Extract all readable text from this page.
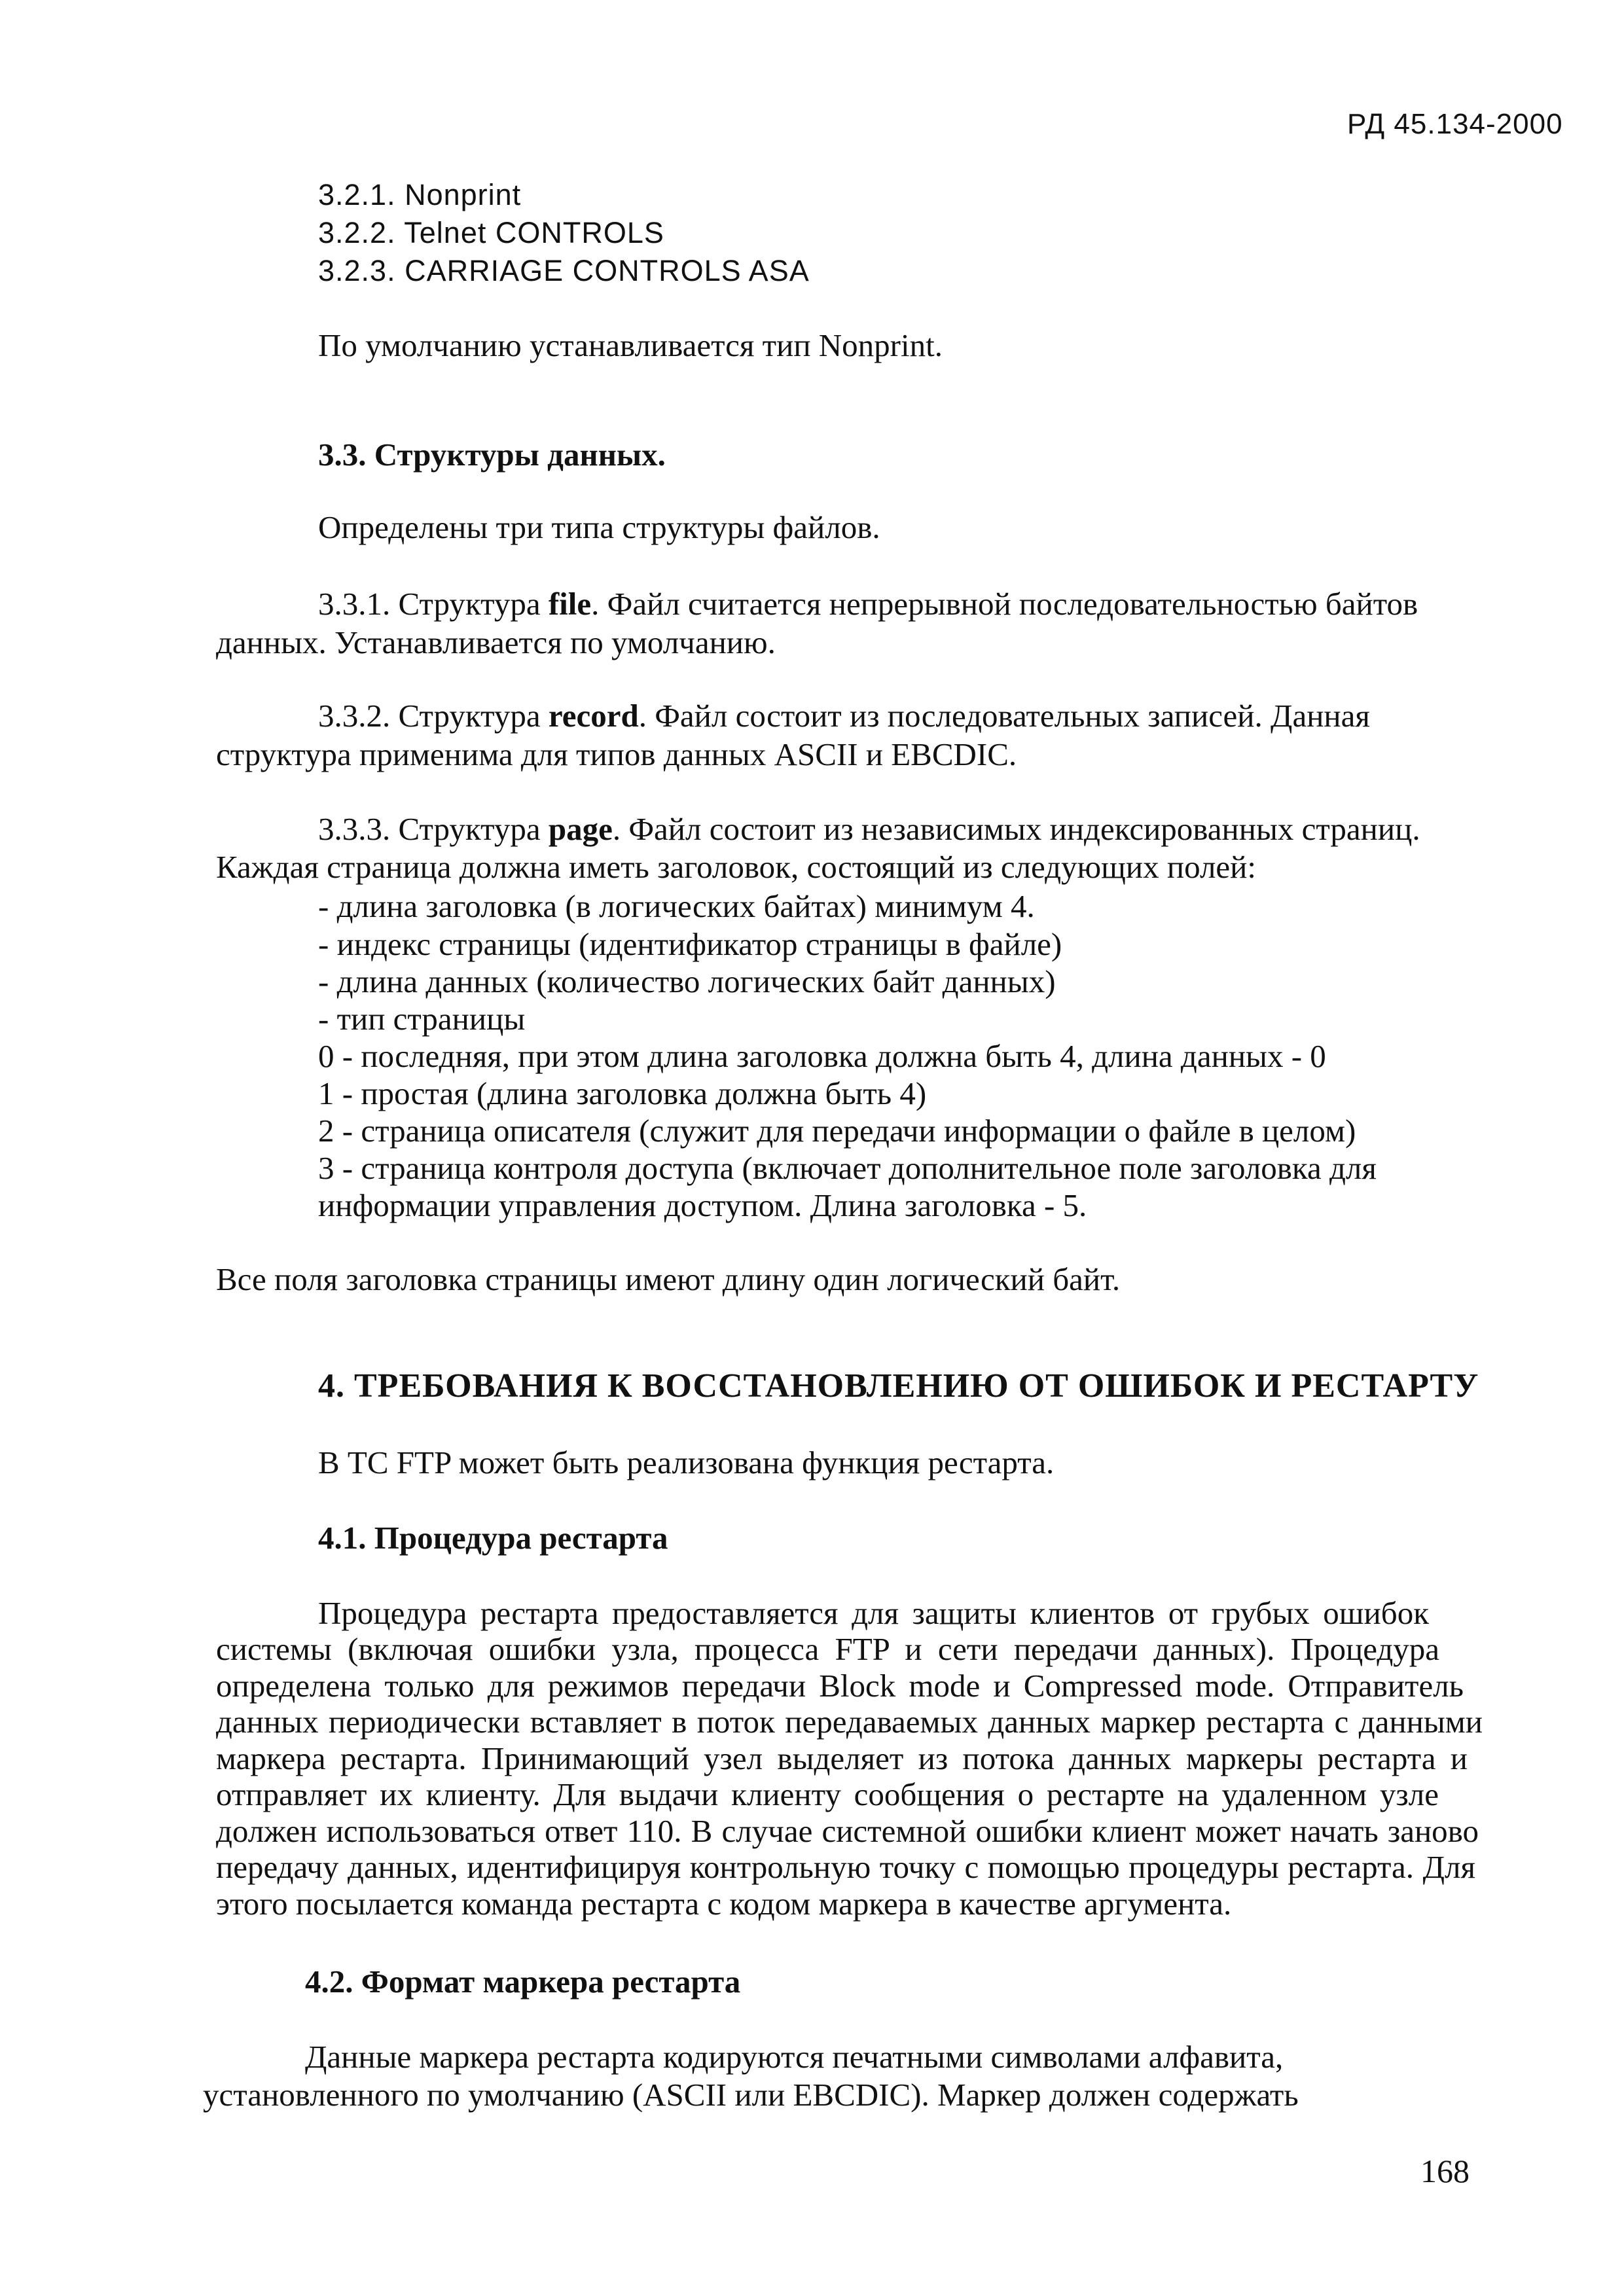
РД 45.134-2000
3.2.1. Nonprint
3.2.2. Telnet CONTROLS
3.2.3. CARRIAGE CONTROLS ASA
По умолчанию устанавливается тип Nonprint.
3.3. Структуры данных.
Определены три типа структуры файлов.
3.3.1. Структура file. Файл считается непрерывной последовательностью байтов
данных. Устанавливается по умолчанию.
3.3.2. Структура record. Файл состоит из последовательных записей. Данная
структура применима для типов данных ASCII и EBCDIC.
3.3.3. Структура page. Файл состоит из независимых индексированных страниц.
Каждая страница должна иметь заголовок, состоящий из следующих полей:
- длина заголовка (в логических байтах) минимум 4.
- индекс страницы (идентификатор страницы в файле)
- длина данных (количество логических байт данных)
- тип страницы
0 - последняя, при этом длина заголовка должна быть 4, длина данных - 0
1 - простая (длина заголовка должна быть 4)
2 - страница описателя (служит для передачи информации о файле в целом)
3 - страница контроля доступа (включает дополнительное поле заголовка для
информации управления доступом. Длина заголовка - 5.
Все поля заголовка страницы имеют длину один логический байт.
4. ТРЕБОВАНИЯ К ВОССТАНОВЛЕНИЮ ОТ ОШИБОК И РЕСТАРТУ
В ТС FTP может быть реализована функция рестарта.
4.1. Процедура рестарта
Процедура рестарта предоставляется для защиты клиентов от грубых ошибок
системы (включая ошибки узла, процесса FTP и сети передачи данных). Процедура
определена только для режимов передачи Block mode и Compressed mode. Отправитель
данных периодически вставляет в поток передаваемых данных маркер рестарта с данными
маркера рестарта. Принимающий узел выделяет из потока данных маркеры рестарта и
отправляет их клиенту. Для выдачи клиенту сообщения о рестарте на удаленном узле
должен использоваться ответ 110. В случае системной ошибки клиент может начать заново
передачу данных, идентифицируя контрольную точку с помощью процедуры рестарта. Для
этого посылается команда рестарта с кодом маркера в качестве аргумента.
4.2. Формат маркера рестарта
Данные маркера рестарта кодируются печатными символами алфавита,
установленного по умолчанию (ASCII или EBCDIC). Маркер должен содержать
168
